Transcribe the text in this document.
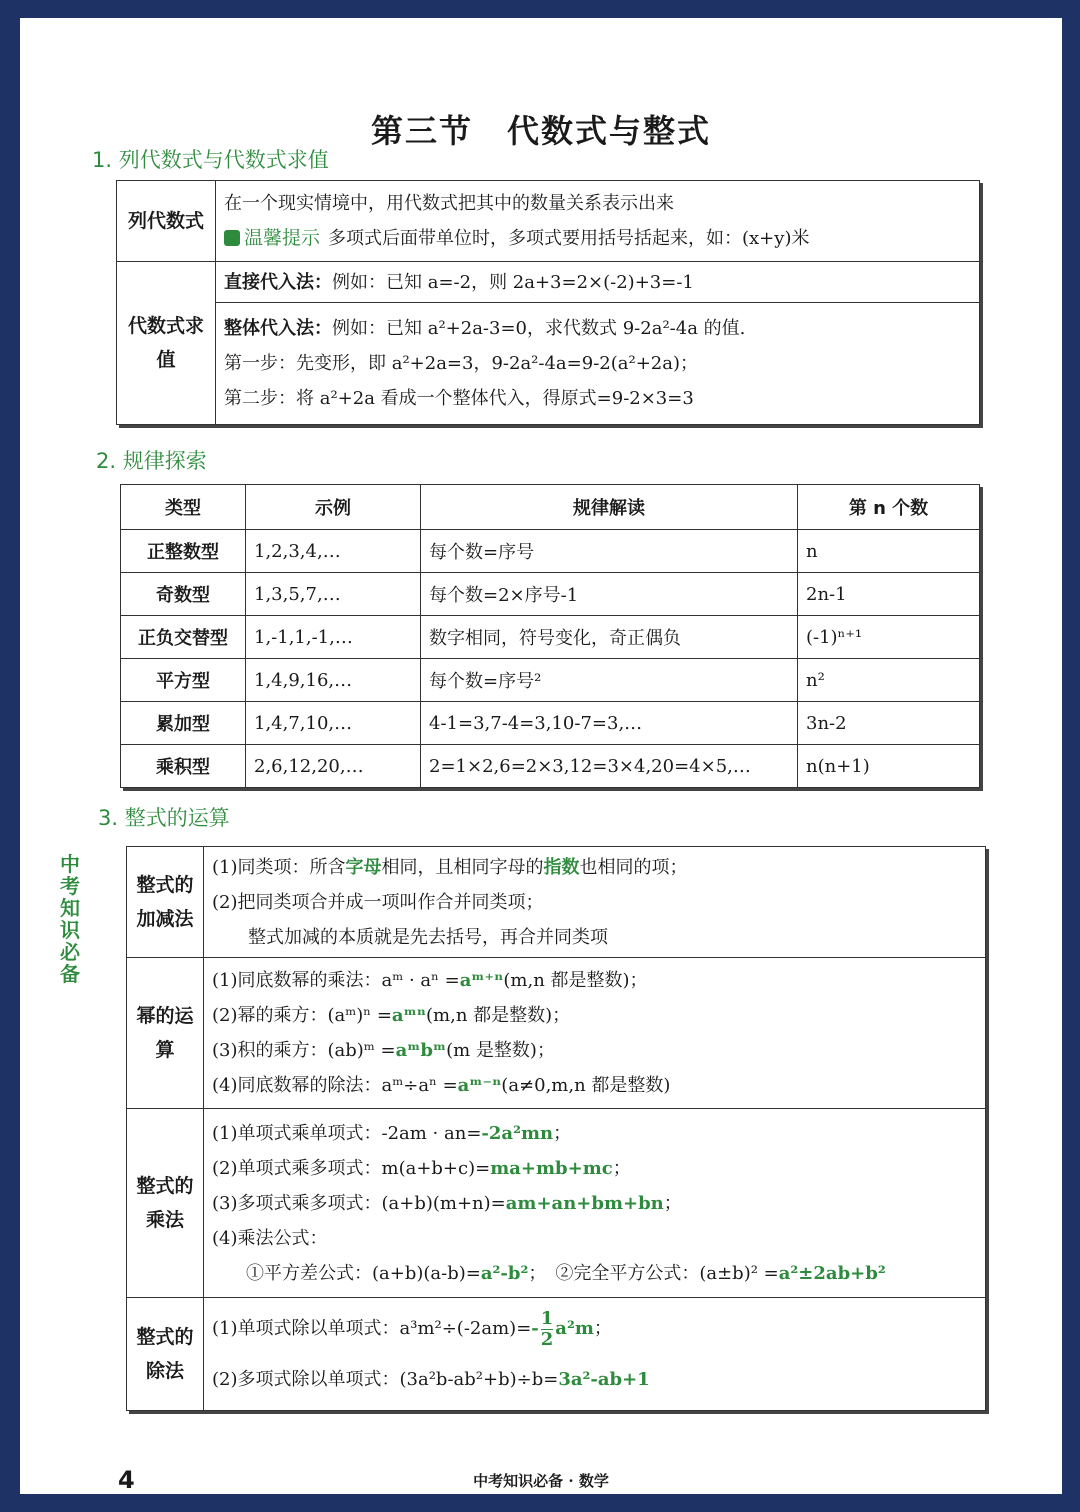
第三节　代数式与整式
1. 列代数式与代数式求值
列代数式	在一个现实情境中，用代数式把其中的数量关系表示出来
温馨提示 多项式后面带单位时，多项式要用括号括起来，如：(x+y)米

代数式求值	直接代入法：例如：已知 a=-2，则 2a+3=2×(-2)+3=-1

	整体代入法：例如：已知 a²+2a-3=0，求代数式 9-2a²-4a 的值.
第一步：先变形，即 a²+2a=3，9-2a²-4a=9-2(a²+2a)；
第二步：将 a²+2a 看成一个整体代入，得原式=9-2×3=3
2. 规律探索
类型	示例	规律解读	第 n 个数
正整数型	1,2,3,4,…	每个数=序号	n
奇数型	1,3,5,7,…	每个数=2×序号-1	2n-1
正负交替型	1,-1,1,-1,…	数字相同，符号变化，奇正偶负	(-1)ⁿ⁺¹
平方型	1,4,9,16,…	每个数=序号²	n²
累加型	1,4,7,10,…	4-1=3,7-4=3,10-7=3,…	3n-2
乘积型	2,6,12,20,…	2=1×2,6=2×3,12=3×4,20=4×5,…	n(n+1)
3. 整式的运算
中考知识必备
整式的加减法	(1)同类项：所含字母相同，且相同字母的指数也相同的项；
(2)把同类项合并成一项叫作合并同类项；
整式加减的本质就是先去括号，再合并同类项

幂的运算	(1)同底数幂的乘法：aᵐ · aⁿ =aᵐ⁺ⁿ(m,n 都是整数)；
(2)幂的乘方：(aᵐ)ⁿ =aᵐⁿ(m,n 都是整数)；
(3)积的乘方：(ab)ᵐ =aᵐbᵐ(m 是整数)；
(4)同底数幂的除法：aᵐ÷aⁿ =aᵐ⁻ⁿ(a≠0,m,n 都是整数)

整式的乘法	(1)单项式乘单项式：-2am · an=-2a²mn；
(2)单项式乘多项式：m(a+b+c)=ma+mb+mc；
(3)多项式乘多项式：(a+b)(m+n)=am+an+bm+bn；
(4)乘法公式：
①平方差公式：(a+b)(a-b)=a²-b²；　②完全平方公式：(a±b)² =a²±2ab+b²

整式的除法	(1)单项式除以单项式：$a^3m^2\div(-2am)=- \frac{1}{2} a^2m$；
(2)多项式除以单项式：(3a²b-ab²+b)÷b=3a²-ab+1
4	中考知识必备 · 数学
